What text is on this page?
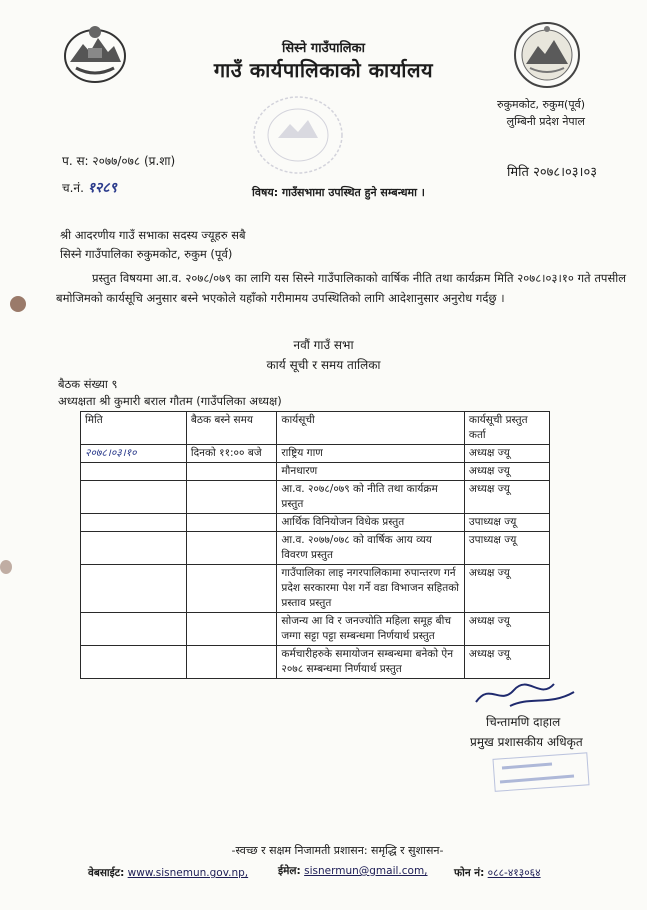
सिस्ने गाउँपालिका
गाउँ कार्यपालिकाको कार्यालय
रुकुमकोट, रुकुम(पूर्व)
लुम्बिनी प्रदेश नेपाल
प. स: २०७७/०७८ (प्र.शा)
च.नं. १२८९
मिति २०७८।०३।०३
विषय: गाउँसभामा उपस्थित हुने सम्बन्धमा ।
श्री आदरणीय गाउँ सभाका सदस्य ज्यूहरु सबै
सिस्ने गाउँपालिका रुकुमकोट, रुकुम (पूर्व)
प्रस्तुत विषयमा आ.व. २०७८/०७९ का लागि यस सिस्ने गाउँपालिकाको वार्षिक नीति तथा कार्यक्रम मिति २०७८।०३।१० गते तपसील बमोजिमको कार्यसूचि अनुसार बस्ने भएकोले यहाँको गरीमामय उपस्थितिको लागि आदेशानुसार अनुरोध गर्दछु ।
नवौं गाउँ सभा
कार्य सूची र समय तालिका
बैठक संख्या ९
अध्यक्षता श्री कुमारी बराल गौतम (गाउँपलिका अध्यक्ष)
मिति	बैठक बस्ने समय	कार्यसूची	कार्यसूची प्रस्तुत कर्ता
२०७८।०३।१०	दिनको ११:०० बजे	राष्ट्रिय गाण	अध्यक्ष ज्यू
		मौनधारण	अध्यक्ष ज्यू
		आ.व. २०७८/०७९ को नीति तथा कार्यक्रम प्रस्तुत	अध्यक्ष ज्यू
		आर्थिक विनियोजन विधेक प्रस्तुत	उपाध्यक्ष ज्यू
		आ.व. २०७७/०७८ को वार्षिक आय व्यय विवरण प्रस्तुत	उपाध्यक्ष ज्यू
		गाउँपालिका लाइ नगरपालिकामा रुपान्तरण गर्न प्रदेश सरकारमा पेश गर्ने वडा विभाजन सहितको प्रस्ताव प्रस्तुत	अध्यक्ष ज्यू
		सोजन्य आ वि र जनज्योति महिला समूह बीच जग्गा सट्टा पट्टा सम्बन्धमा निर्णयार्थ प्रस्तुत	अध्यक्ष ज्यू
		कर्मचारीहरुके समायोजन सम्बन्धमा बनेको ऐन २०७८ सम्बन्धमा निर्णयार्थ प्रस्तुत	अध्यक्ष ज्यू
चिन्तामणि दाहाल
प्रमुख प्रशासकीय अधिकृत
-स्वच्छ र सक्षम निजामती प्रशासन: समृद्धि र सुशासन-
वेबसाईट: www.sisnemun.gov.np,	ईमेल: sisnermun@gmail.com,	फोन नं: ०८८-४१३०६४
